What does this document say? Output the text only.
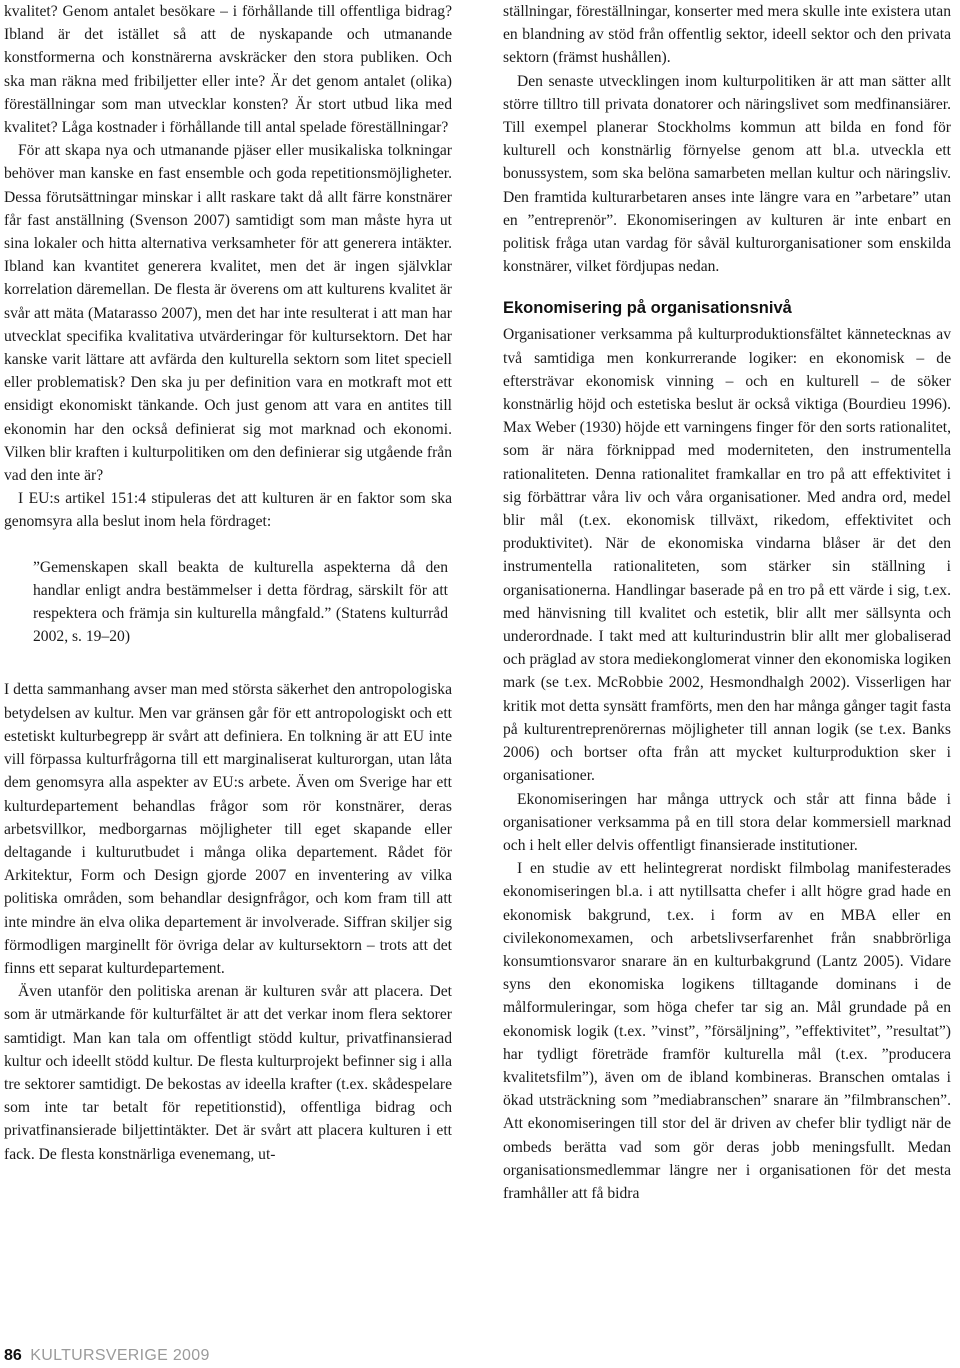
kvalitet? Genom antalet besökare – i förhållande till offentliga bidrag? Ibland är det istället så att de nyskapande och utmanande konstformerna och konstnärerna avskräcker den stora publiken. Och ska man räkna med fribiljetter eller inte? Är det genom antalet (olika) föreställningar som man utvecklar konsten? Är stort utbud lika med kvalitet? Låga kostnader i förhållande till antal spelade föreställningar?

För att skapa nya och utmanande pjäser eller musikaliska tolkningar behöver man kanske en fast ensemble och goda repetitionsmöjligheter. Dessa förutsättningar minskar i allt raskare takt då allt färre konstnärer får fast anställning (Svenson 2007) samtidigt som man måste hyra ut sina lokaler och hitta alternativa verksamheter för att generera intäkter. Ibland kan kvantitet generera kvalitet, men det är ingen självklar korrelation däremellan. De flesta är överens om att kulturens kvalitet är svår att mäta (Matarasso 2007), men det har inte resulterat i att man har utvecklat specifika kvalitativa utvärderingar för kultursektorn. Det har kanske varit lättare att avfärda den kulturella sektorn som litet speciell eller problematisk? Den ska ju per definition vara en motkraft mot ett ensidigt ekonomiskt tänkande. Och just genom att vara en antites till ekonomin har den också definierat sig mot marknad och ekonomi. Vilken blir kraften i kulturpolitiken om den definierar sig utgående från vad den inte är?

I EU:s artikel 151:4 stipuleras det att kulturen är en faktor som ska genomsyra alla beslut inom hela fördraget:

”Gemenskapen skall beakta de kulturella aspekterna då den handlar enligt andra bestämmelser i detta fördrag, särskilt för att respektera och främja sin kulturella mångfald.” (Statens kulturråd 2002, s. 19–20)

I detta sammanhang avser man med största säkerhet den antropologiska betydelsen av kultur. Men var gränsen går för ett antropologiskt och ett estetiskt kulturbegrepp är svårt att definiera. En tolkning är att EU inte vill förpassa kulturfrågorna till ett marginaliserat kulturorgan, utan låta dem genomsyra alla aspekter av EU:s arbete. Även om Sverige har ett kulturdepartement behandlas frågor som rör konstnärer, deras arbetsvillkor, medborgarnas möjligheter till eget skapande eller deltagande i kulturutbudet i många olika departement. Rådet för Arkitektur, Form och Design gjorde 2007 en inventering av vilka politiska områden, som behandlar designfrågor, och kom fram till att inte mindre än elva olika departement är involverade. Siffran skiljer sig förmodligen marginellt för övriga delar av kultursektorn – trots att det finns ett separat kulturdepartement.

Även utanför den politiska arenan är kulturen svår att placera. Det som är utmärkande för kulturfältet är att det verkar inom flera sektorer samtidigt. Man kan tala om offentligt stödd kultur, privatfinansierad kultur och ideellt stödd kultur. De flesta kulturprojekt befinner sig i alla tre sektorer samtidigt. De bekostas av ideella krafter (t.ex. skådespelare som inte tar betalt för repetitionstid), offentliga bidrag och privatfinansierade biljettintäkter. Det är svårt att placera kulturen i ett fack. De flesta konstnärliga evenemang, ut-

ställningar, föreställningar, konserter med mera skulle inte existera utan en blandning av stöd från offentlig sektor, ideell sektor och den privata sektorn (främst hushållen).

Den senaste utvecklingen inom kulturpolitiken är att man sätter allt större tilltro till privata donatorer och näringslivet som medfinansiärer. Till exempel planerar Stockholms kommun att bilda en fond för kulturell och konstnärlig förnyelse genom att bl.a. utveckla ett bonussystem, som ska belöna samarbeten mellan kultur och näringsliv. Den framtida kulturarbetaren anses inte längre vara en ”arbetare” utan en ”entreprenör”. Ekonomiseringen av kulturen är inte enbart en politisk fråga utan vardag för såväl kulturorganisationer som enskilda konstnärer, vilket fördjupas nedan.

Ekonomisering på organisationsnivå

Organisationer verksamma på kulturproduktionsfältet kännetecknas av två samtidiga men konkurrerande logiker: en ekonomisk – de eftersträvar ekonomisk vinning – och en kulturell – de söker konstnärlig höjd och estetiska beslut är också viktiga (Bourdieu 1996). Max Weber (1930) höjde ett varningens finger för den sorts rationalitet, som är nära förknippad med moderniteten, den instrumentella rationaliteten. Denna rationalitet framkallar en tro på att effektivitet i sig förbättrar våra liv och våra organisationer. Med andra ord, medel blir mål (t.ex. ekonomisk tillväxt, rikedom, effektivitet och produktivitet). När de ekonomiska vindarna blåser är det den instrumentella rationaliteten, som stärker sin ställning i organisationerna. Handlingar baserade på en tro på ett värde i sig, t.ex. med hänvisning till kvalitet och estetik, blir allt mer sällsynta och underordnade. I takt med att kulturindustrin blir allt mer globaliserad och präglad av stora mediekonglomerat vinner den ekonomiska logiken mark (se t.ex. McRobbie 2002, Hesmondhalgh 2002). Visserligen har kritik mot detta synsätt framförts, men den har många gånger tagit fasta på kulturentreprenörernas möjligheter till annan logik (se t.ex. Banks 2006) och bortser ofta från att mycket kulturproduktion sker i organisationer.

Ekonomiseringen har många uttryck och står att finna både i organisationer verksamma på en till stora delar kommersiell marknad och i helt eller delvis offentligt finansierade institutioner.

I en studie av ett helintegrerat nordiskt filmbolag manifesterades ekonomiseringen bl.a. i att nytillsatta chefer i allt högre grad hade en ekonomisk bakgrund, t.ex. i form av en MBA eller en civilekonomexamen, och arbetslivserfarenhet från snabbrörliga konsumtionsvaror snarare än en kulturbakgrund (Lantz 2005). Vidare syns den ekonomiska logikens tilltagande dominans i de målformuleringar, som höga chefer tar sig an. Mål grundade på en ekonomisk logik (t.ex. ”vinst”, ”försäljning”, ”effektivitet”, ”resultat”) har tydligt företräde framför kulturella mål (t.ex. ”producera kvalitetsfilm”), även om de ibland kombineras. Branschen omtalas i ökad utsträckning som ”mediabranschen” snarare än ”filmbranschen”. Att ekonomiseringen till stor del är driven av chefer blir tydligt när de ombeds berätta vad som gör deras jobb meningsfullt. Medan organisationsmedlemmar längre ner i organisationen för det mesta framhåller att få bidra

86 KULTURSVERIGE 2009
